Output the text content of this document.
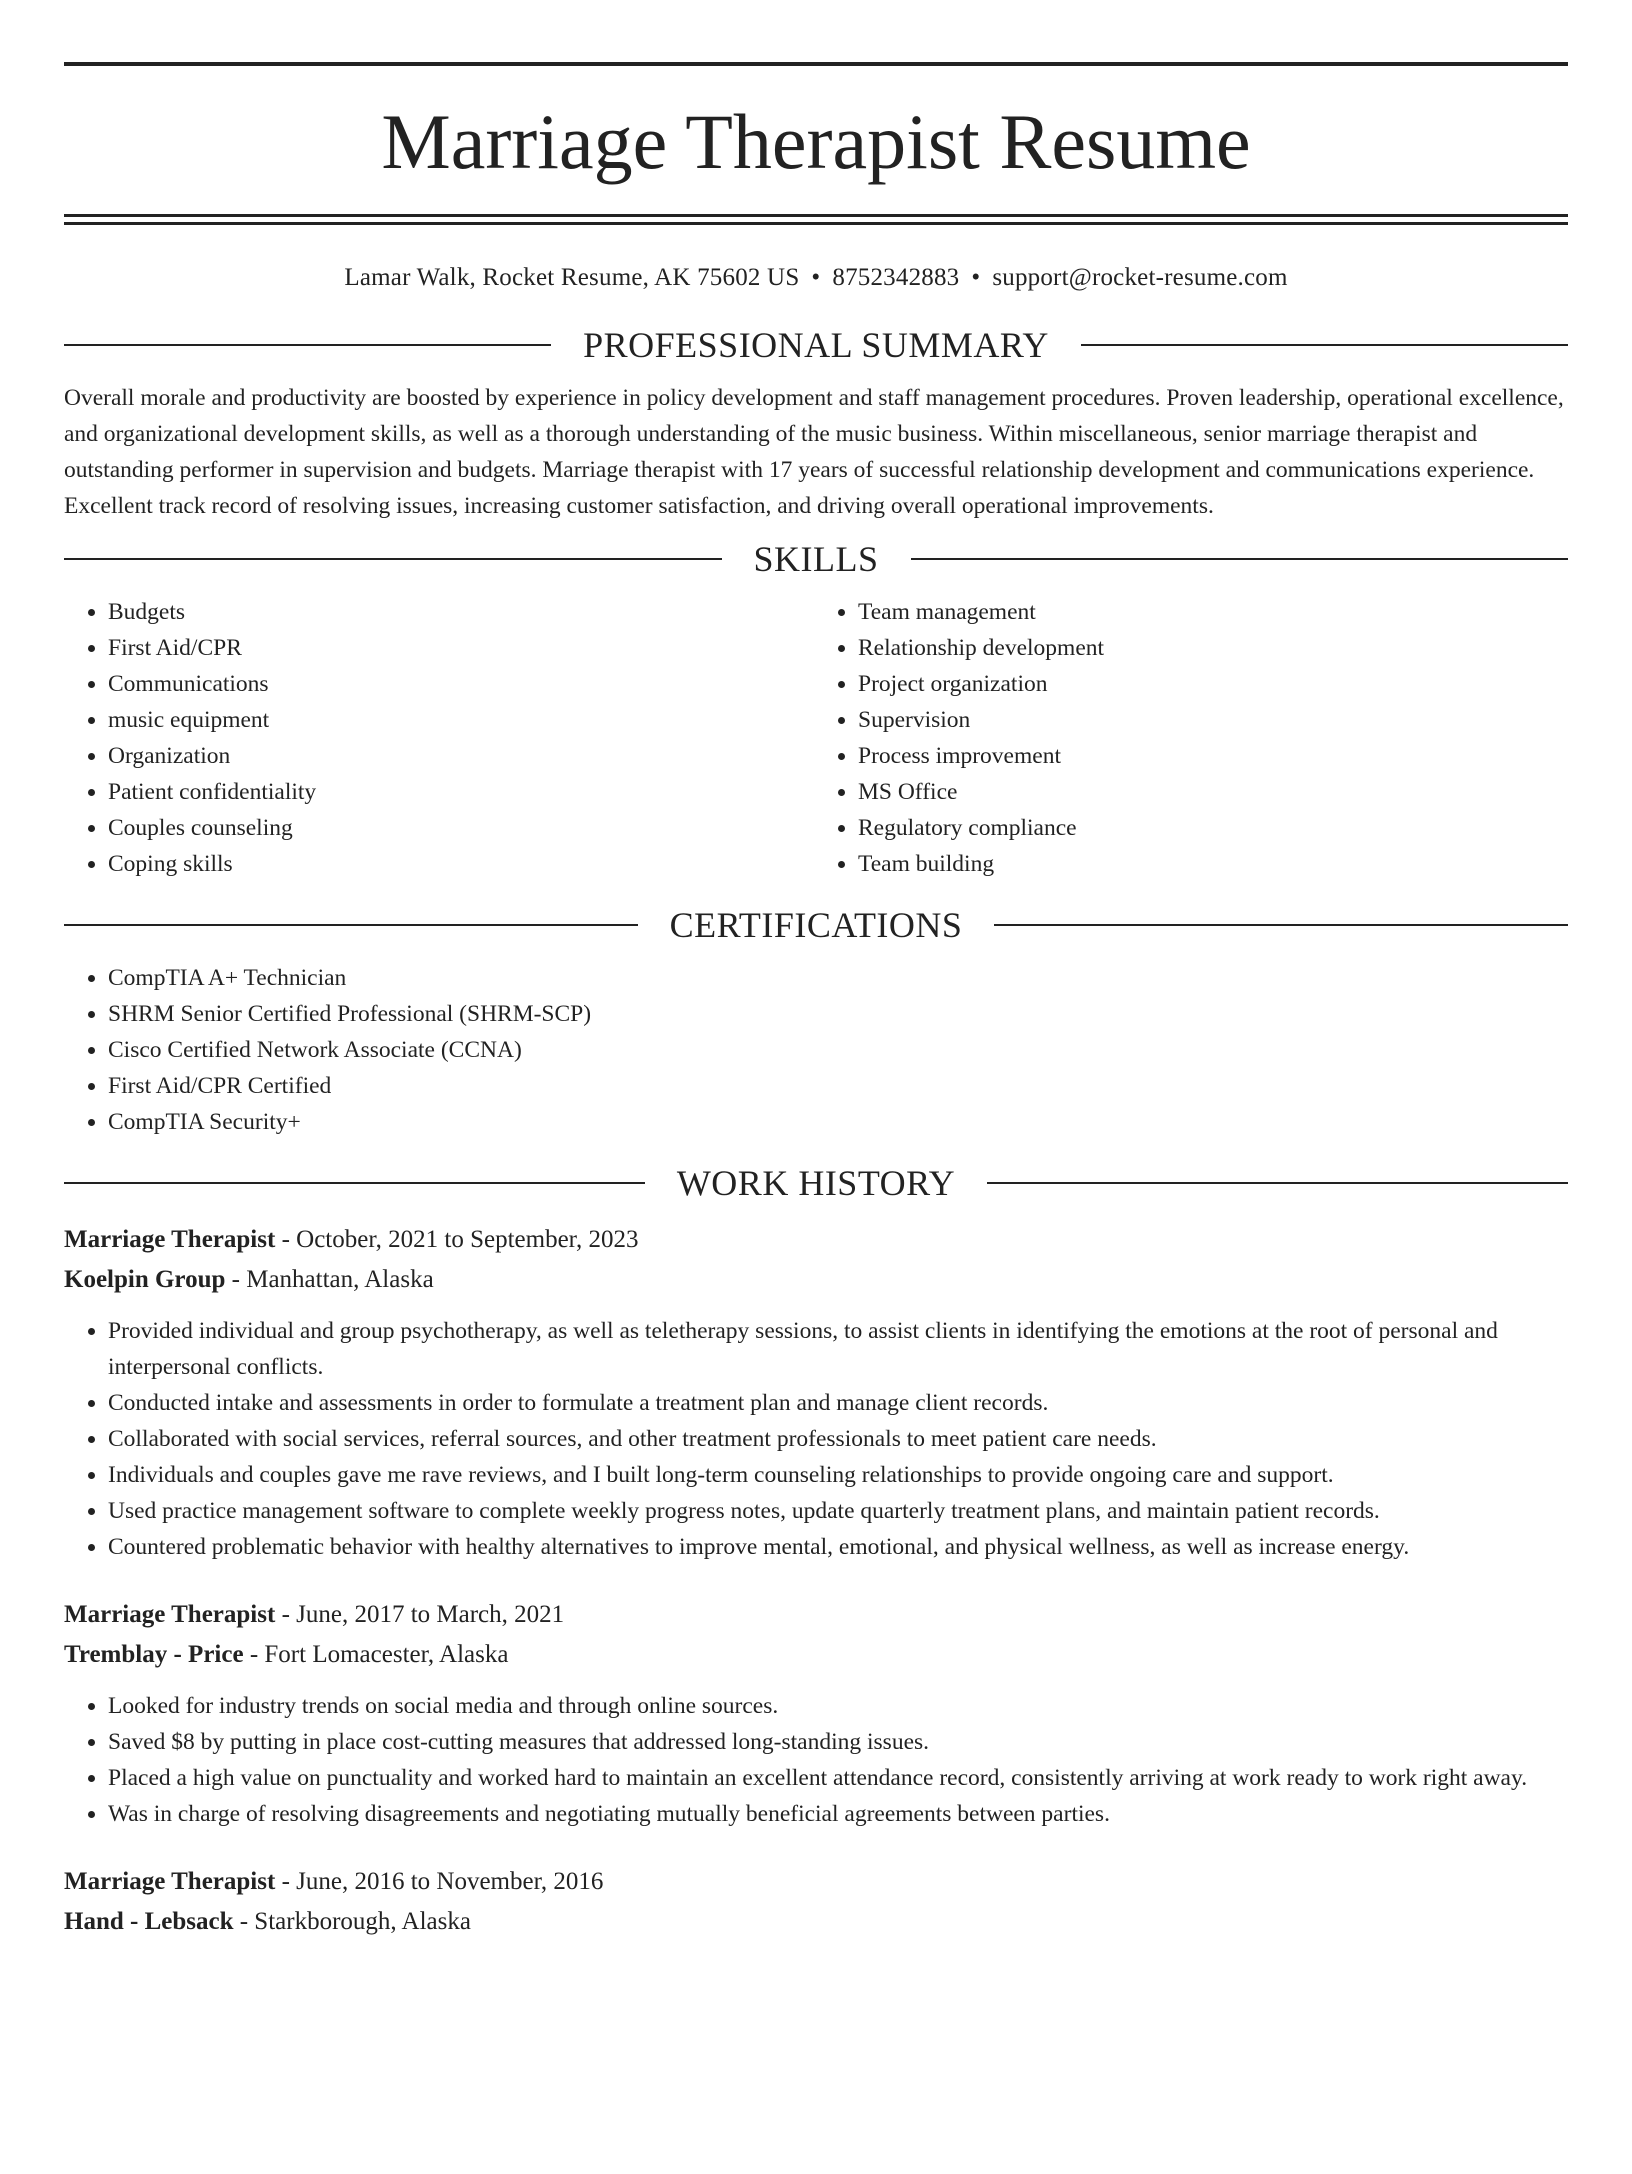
Marriage Therapist Resume
Lamar Walk, Rocket Resume, AK 75602 US • 8752342883 • support@rocket-resume.com
PROFESSIONAL SUMMARY

Overall morale and productivity are boosted by experience in policy development and staff management procedures. Proven leadership, operational excellence, and organizational development skills, as well as a thorough understanding of the music business. Within miscellaneous, senior marriage therapist and outstanding performer in supervision and budgets. Marriage therapist with 17 years of successful relationship development and communications experience. Excellent track record of resolving issues, increasing customer satisfaction, and driving overall operational improvements.

SKILLS
• Budgets
• First Aid/CPR
• Communications
• music equipment
• Organization
• Patient confidentiality
• Couples counseling
• Coping skills
• Team management
• Relationship development
• Project organization
• Supervision
• Process improvement
• MS Office
• Regulatory compliance
• Team building
CERTIFICATIONS
• CompTIA A+ Technician
• SHRM Senior Certified Professional (SHRM-SCP)
• Cisco Certified Network Associate (CCNA)
• First Aid/CPR Certified
• CompTIA Security+
WORK HISTORY
Marriage Therapist - October, 2021 to September, 2023
Koelpin Group - Manhattan, Alaska
• Provided individual and group psychotherapy, as well as teletherapy sessions, to assist clients in identifying the emotions at the root of personal and interpersonal conflicts.
• Conducted intake and assessments in order to formulate a treatment plan and manage client records.
• Collaborated with social services, referral sources, and other treatment professionals to meet patient care needs.
• Individuals and couples gave me rave reviews, and I built long-term counseling relationships to provide ongoing care and support.
• Used practice management software to complete weekly progress notes, update quarterly treatment plans, and maintain patient records.
• Countered problematic behavior with healthy alternatives to improve mental, emotional, and physical wellness, as well as increase energy.
Marriage Therapist - June, 2017 to March, 2021
Tremblay - Price - Fort Lomacester, Alaska
• Looked for industry trends on social media and through online sources.
• Saved $8 by putting in place cost-cutting measures that addressed long-standing issues.
• Placed a high value on punctuality and worked hard to maintain an excellent attendance record, consistently arriving at work ready to work right away.
• Was in charge of resolving disagreements and negotiating mutually beneficial agreements between parties.
Marriage Therapist - June, 2016 to November, 2016
Hand - Lebsack - Starkborough, Alaska
